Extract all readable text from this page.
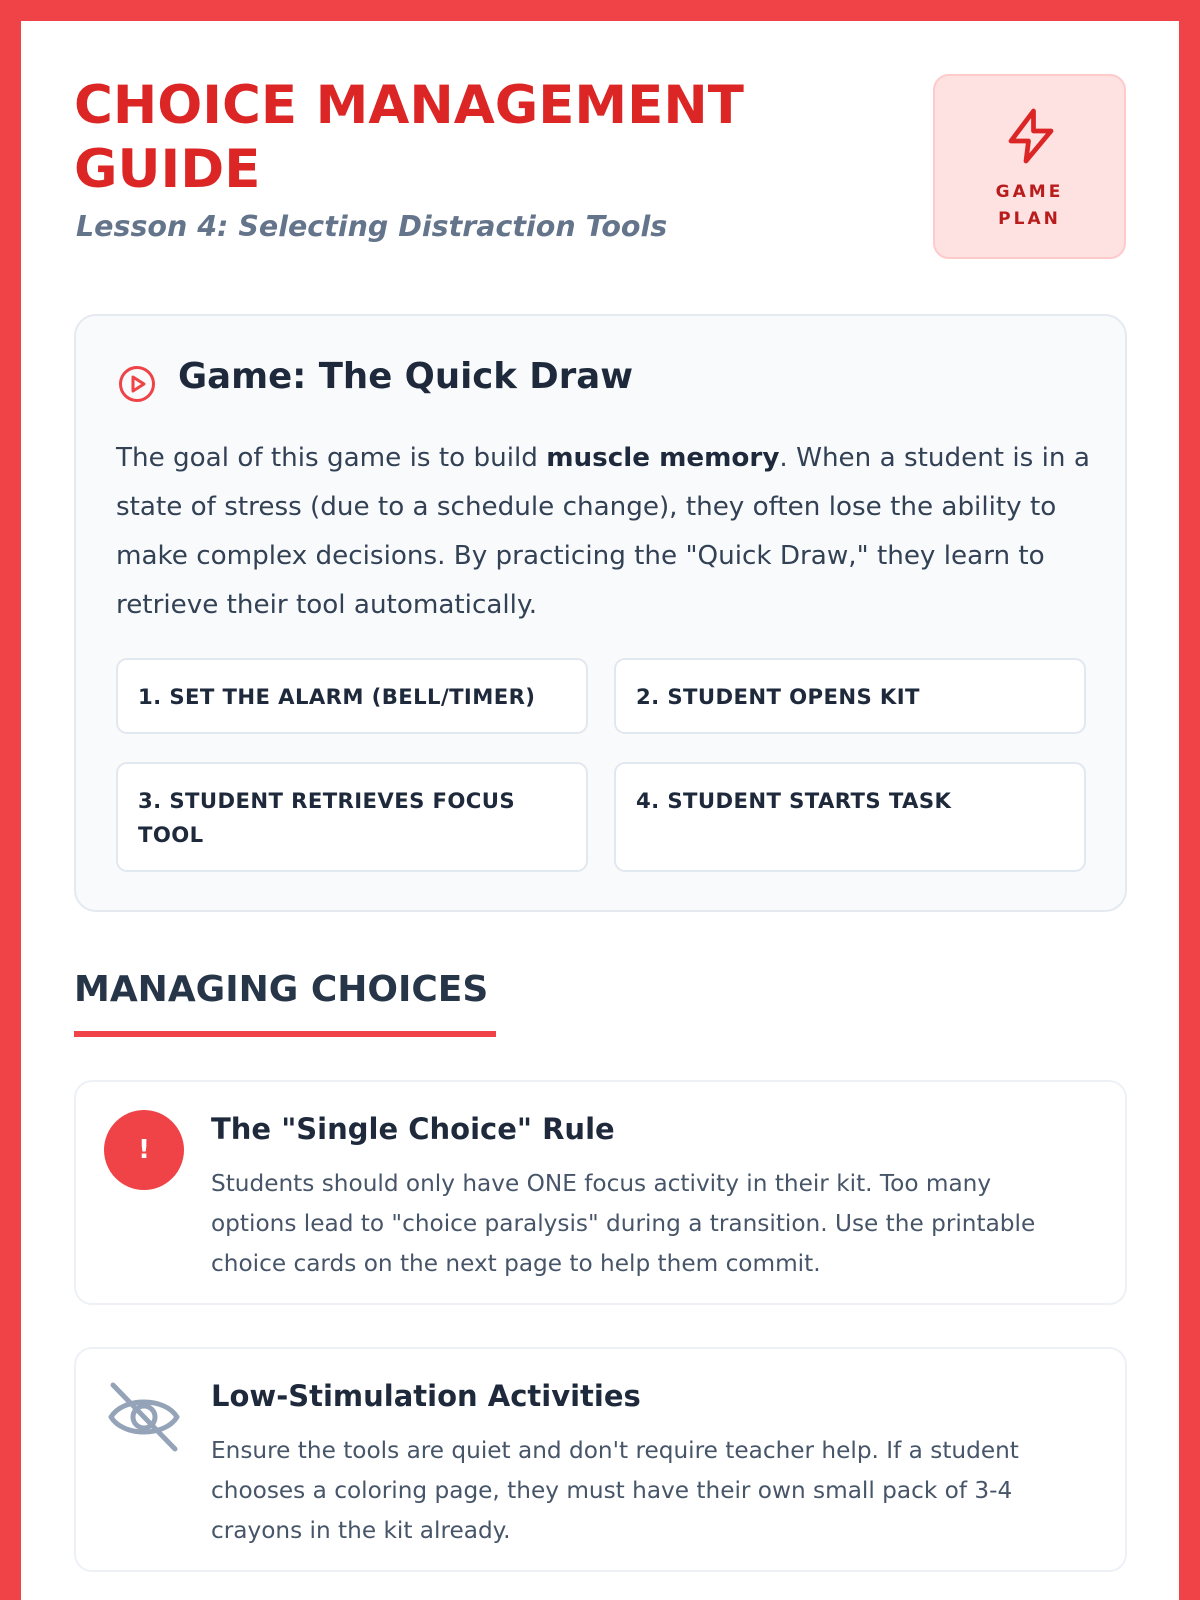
CHOICE MANAGEMENT GUIDE

Lesson 4: Selecting Distraction Tools

GAME
PLAN
Game: The Quick Draw

The goal of this game is to build muscle memory. When a student is in a state of stress (due to a schedule change), they often lose the ability to make complex decisions. By practicing the "Quick Draw," they learn to retrieve their tool automatically.

1. SET THE ALARM (BELL/TIMER)	2. STUDENT OPENS KIT
3. STUDENT RETRIEVES FOCUS TOOL
4. STUDENT STARTS TASK
MANAGING CHOICES
!
The "Single Choice" Rule

Students should only have ONE focus activity in their kit. Too many options lead to "choice paralysis" during a transition. Use the printable choice cards on the next page to help them commit.

Low-Stimulation Activities

Ensure the tools are quiet and don't require teacher help. If a student chooses a coloring page, they must have their own small pack of 3-4 crayons in the kit already.
